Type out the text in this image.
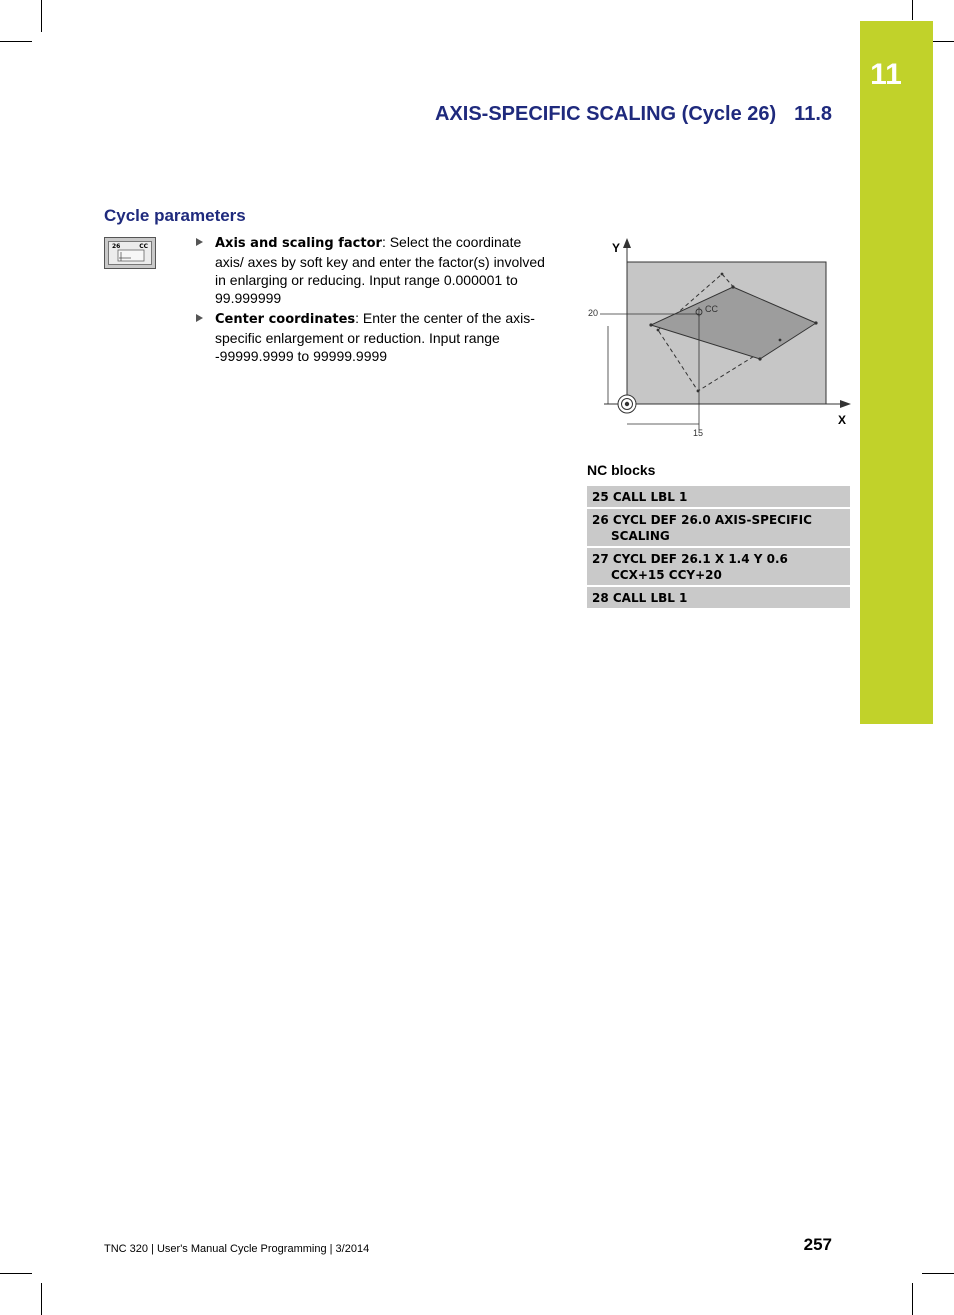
11
AXIS-SPECIFIC SCALING (Cycle 26) 11.8
Cycle parameters
26	CC	Axis and scaling factor: Select the coordinate axis/ axes by soft key and enter the factor(s) involved in enlarging or reducing. Input range 0.000001 to 99.999999
Center coordinates: Enter the center of the axis-specific enlargement or reduction. Input range -99999.9999 to 99999.9999
Y
X
20
15
CC
NC blocks
25 CALL LBL 1

26 CYCL DEF 26.0 AXIS-SPECIFIC SCALING

27 CYCL DEF 26.1 X 1.4 Y 0.6 CCX+15 CCY+20

28 CALL LBL 1
TNC 320 | User's Manual Cycle Programming | 3/2014	257
